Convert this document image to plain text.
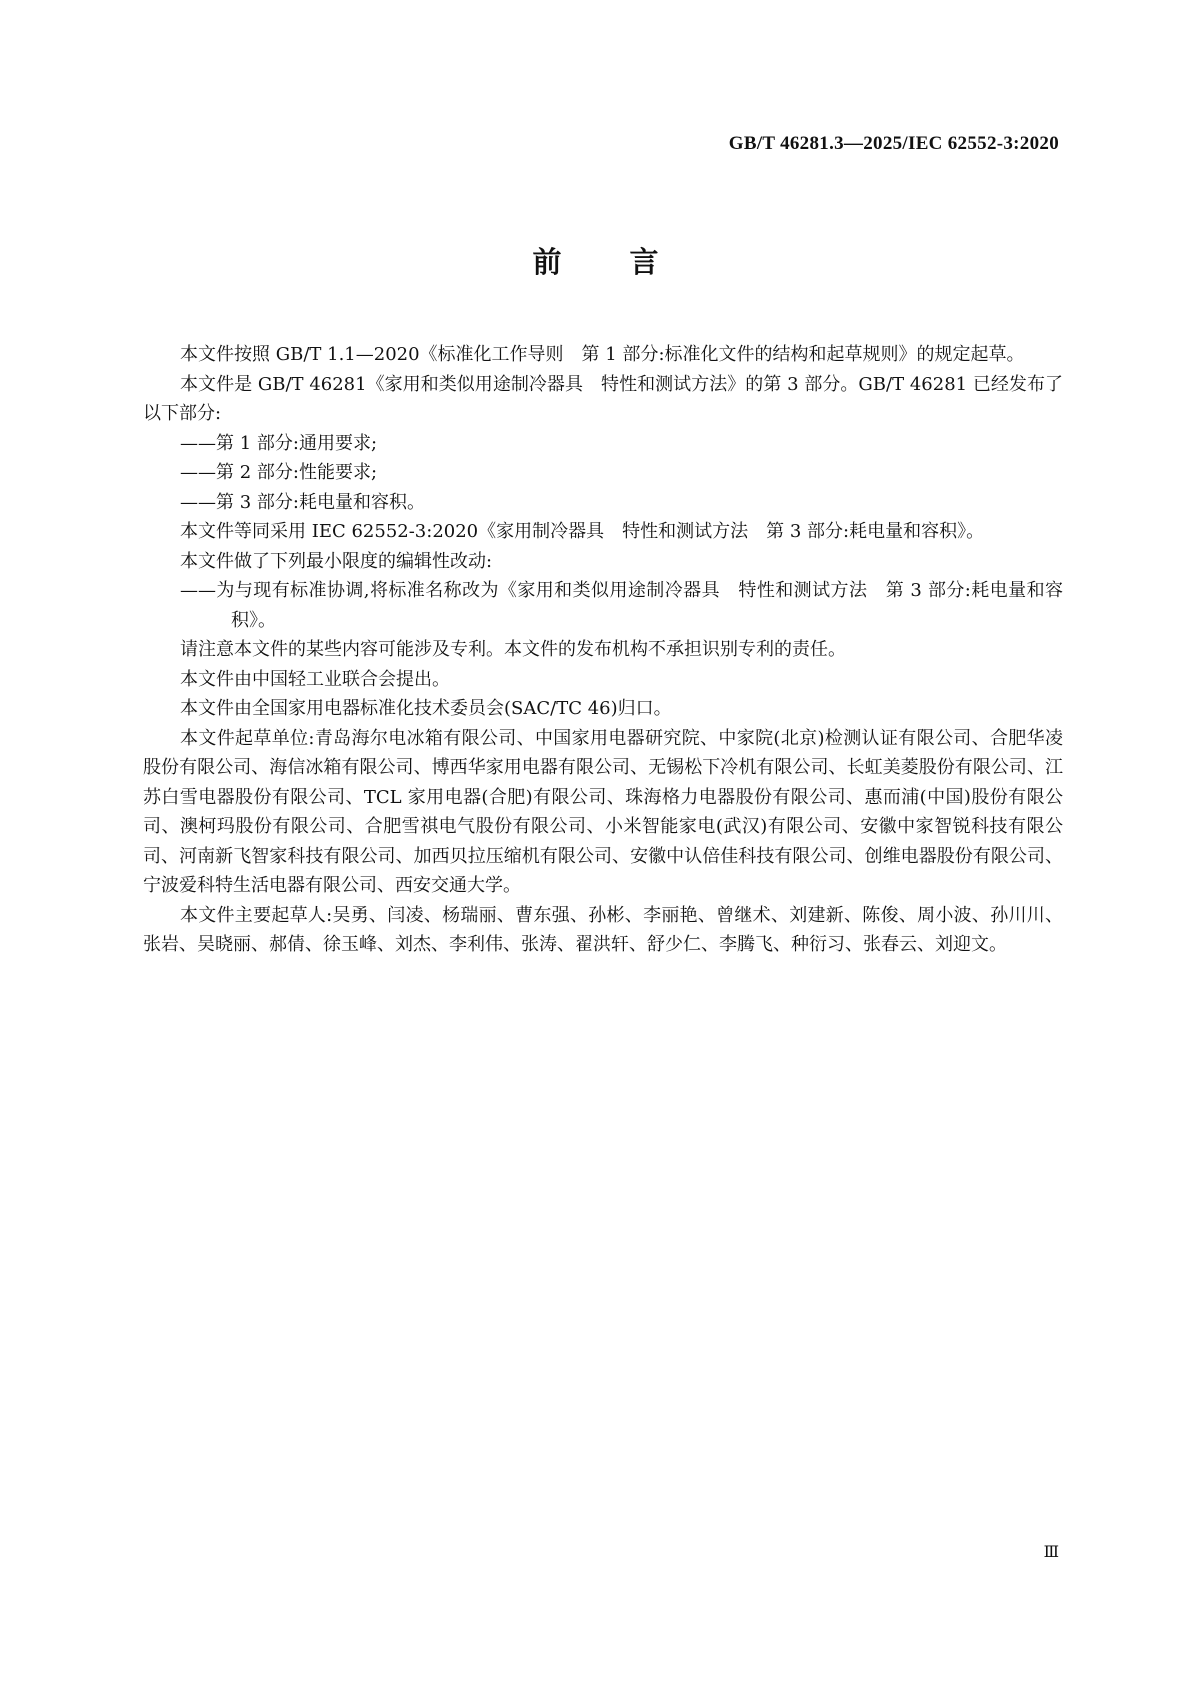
GB/T 46281.3—2025/IEC 62552-3:2020
前言

本文件按照 GB/T 1.1—2020《标准化工作导则　第 1 部分:标准化文件的结构和起草规则》的规定起草。

本文件是 GB/T 46281《家用和类似用途制冷器具　特性和测试方法》的第 3 部分。GB/T 46281 已经发布了以下部分:

——第 1 部分:通用要求;

——第 2 部分:性能要求;

——第 3 部分:耗电量和容积。

本文件等同采用 IEC 62552-3:2020《家用制冷器具　特性和测试方法　第 3 部分:耗电量和容积》。

本文件做了下列最小限度的编辑性改动:

——为与现有标准协调,将标准名称改为《家用和类似用途制冷器具　特性和测试方法　第 3 部分:耗电量和容积》。

请注意本文件的某些内容可能涉及专利。本文件的发布机构不承担识别专利的责任。

本文件由中国轻工业联合会提出。

本文件由全国家用电器标准化技术委员会(SAC/TC 46)归口。

本文件起草单位:青岛海尔电冰箱有限公司、中国家用电器研究院、中家院(北京)检测认证有限公司、合肥华凌股份有限公司、海信冰箱有限公司、博西华家用电器有限公司、无锡松下冷机有限公司、长虹美菱股份有限公司、江苏白雪电器股份有限公司、TCL 家用电器(合肥)有限公司、珠海格力电器股份有限公司、惠而浦(中国)股份有限公司、澳柯玛股份有限公司、合肥雪祺电气股份有限公司、小米智能家电(武汉)有限公司、安徽中家智锐科技有限公司、河南新飞智家科技有限公司、加西贝拉压缩机有限公司、安徽中认倍佳科技有限公司、创维电器股份有限公司、宁波爱科特生活电器有限公司、西安交通大学。

本文件主要起草人:吴勇、闫凌、杨瑞丽、曹东强、孙彬、李丽艳、曾继术、刘建新、陈俊、周小波、孙川川、张岩、吴晓丽、郝倩、徐玉峰、刘杰、李利伟、张涛、翟洪轩、舒少仁、李腾飞、种衍习、张春云、刘迎文。

Ⅲ
